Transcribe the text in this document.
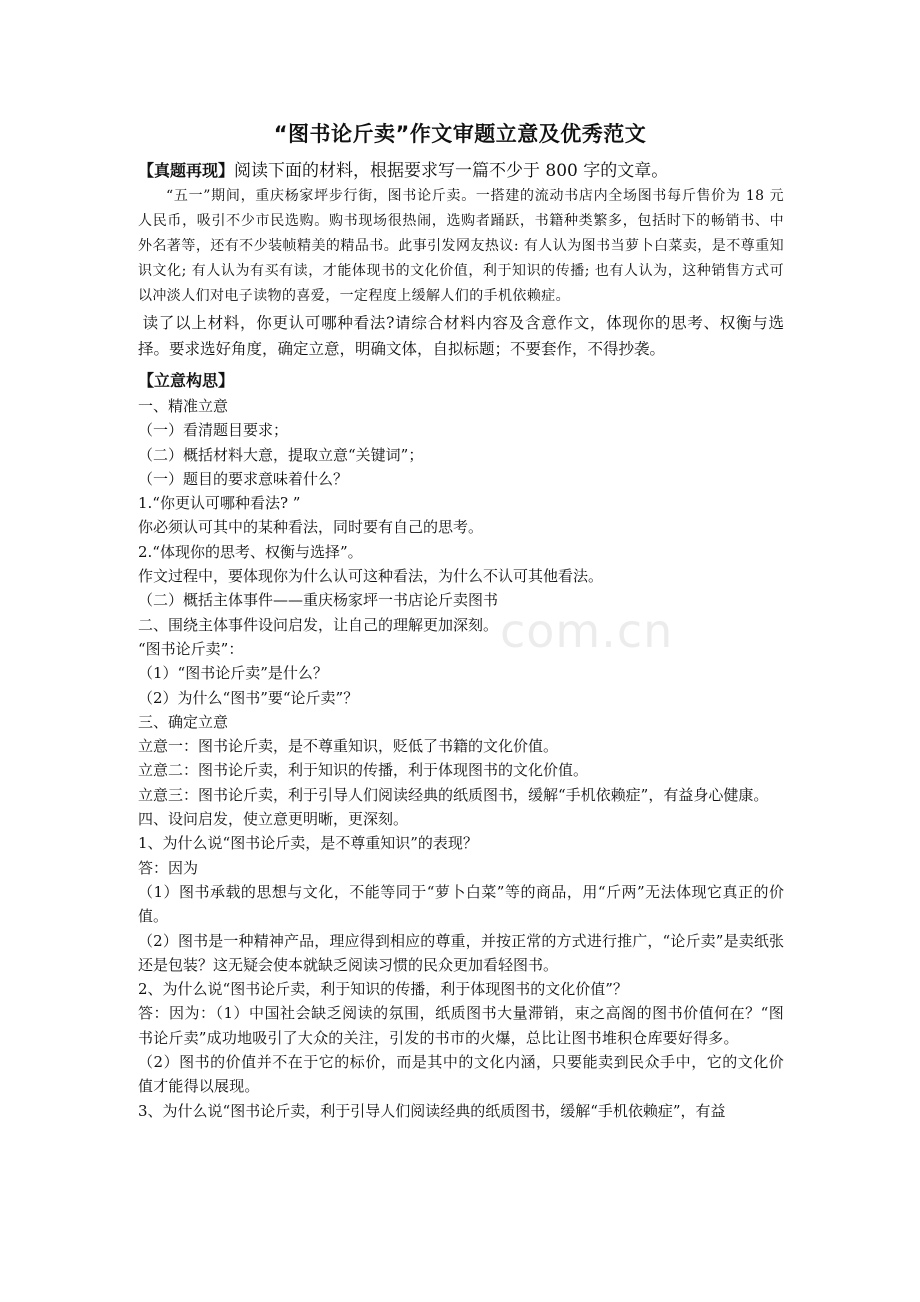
“图书论斤卖”作文审题立意及优秀范文

【真题再现】阅读下面的材料，根据要求写一篇不少于 800 字的文章。

“五一”期间，重庆杨家坪步行街，图书论斤卖。一搭建的流动书店内全场图书每斤售价为 18 元人民币，吸引不少市民选购。购书现场很热闹，选购者踊跃，书籍种类繁多，包括时下的畅销书、中外名著等，还有不少装帧精美的精品书。此事引发网友热议: 有人认为图书当萝卜白菜卖，是不尊重知识文化; 有人认为有买有读，才能体现书的文化价值，利于知识的传播; 也有人认为，这种销售方式可以冲淡人们对电子读物的喜爱，一定程度上缓解人们的手机依赖症。

读了以上材料，你更认可哪种看法?请综合材料内容及含意作文，体现你的思考、权衡与选择。要求选好角度，确定立意，明确文体，自拟标题；不要套作，不得抄袭。

【立意构思】

一、精准立意

（一）看清题目要求；

（二）概括材料大意，提取立意“关键词”；

（一）题目的要求意味着什么？

1.“你更认可哪种看法? ”

你必须认可其中的某种看法，同时要有自己的思考。

2.“体现你的思考、权衡与选择”。

作文过程中，要体现你为什么认可这种看法，为什么不认可其他看法。

（二）概括主体事件——重庆杨家坪一书店论斤卖图书

二、围绕主体事件设问启发，让自己的理解更加深刻。

“图书论斤卖”：

（1）“图书论斤卖”是什么？

（2）为什么“图书”要“论斤卖”？

三、确定立意

立意一：图书论斤卖，是不尊重知识，贬低了书籍的文化价值。

立意二：图书论斤卖，利于知识的传播，利于体现图书的文化价值。

立意三：图书论斤卖，利于引导人们阅读经典的纸质图书，缓解“手机依赖症”，有益身心健康。

四、设问启发，使立意更明晰，更深刻。

1、为什么说“图书论斤卖，是不尊重知识”的表现？

答：因为

（1）图书承载的思想与文化，不能等同于“萝卜白菜”等的商品，用“斤两”无法体现它真正的价值。

（2）图书是一种精神产品，理应得到相应的尊重，并按正常的方式进行推广，“论斤卖”是卖纸张还是包装？这无疑会使本就缺乏阅读习惯的民众更加看轻图书。

2、为什么说“图书论斤卖，利于知识的传播，利于体现图书的文化价值”？

答：因为：（1）中国社会缺乏阅读的氛围，纸质图书大量滞销，束之高阁的图书价值何在？“图书论斤卖”成功地吸引了大众的关注，引发的书市的火爆，总比让图书堆积仓库要好得多。

（2）图书的价值并不在于它的标价，而是其中的文化内涵，只要能卖到民众手中，它的文化价值才能得以展现。

3、为什么说“图书论斤卖，利于引导人们阅读经典的纸质图书，缓解“手机依赖症”，有益

com.cn
